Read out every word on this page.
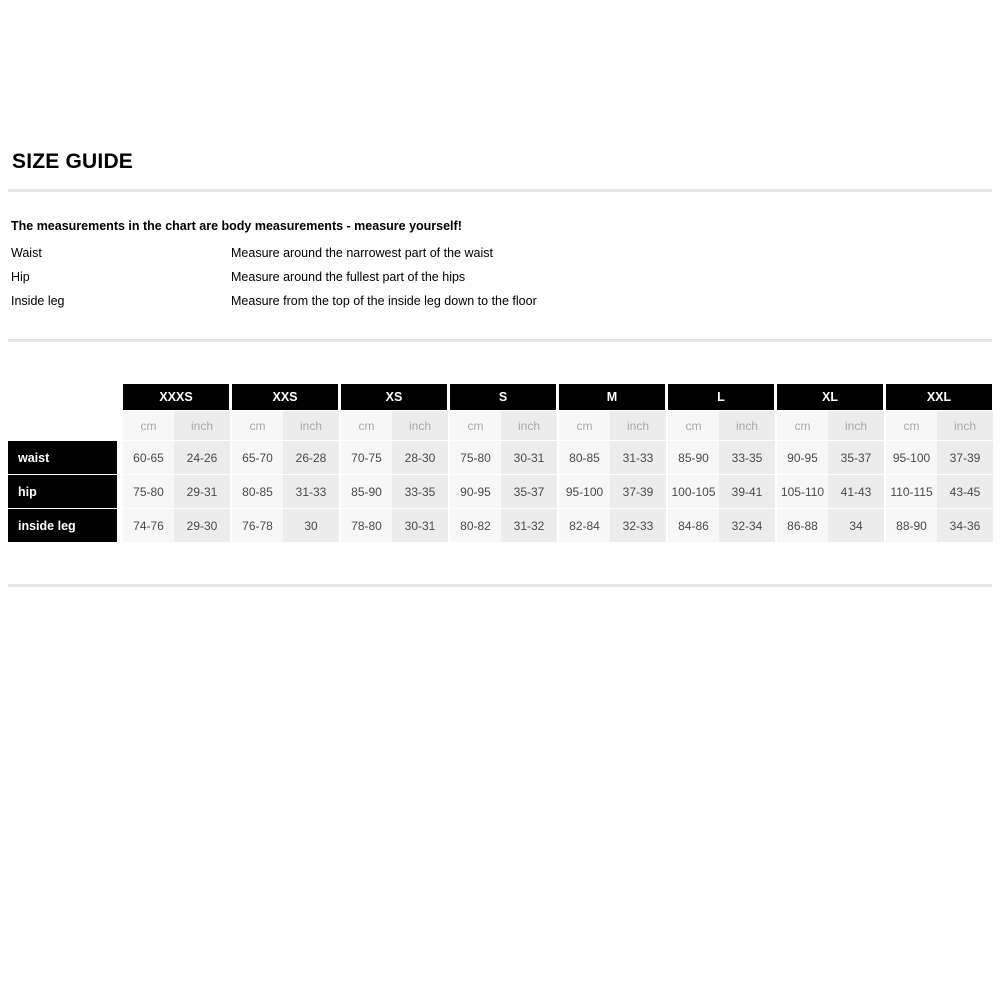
SIZE GUIDE

The measurements in the chart are body measurements - measure yourself!

Waist	Measure around the narrowest part of the waist
Hip	Measure around the fullest part of the hips
Inside leg	Measure from the top of the inside leg down to the floor
	XXXS		XXS		XS		S		M		L		XL		XXL	
	cm	inch	cm	inch	cm	inch	cm	inch	cm	inch	cm	inch	cm	inch	cm	inch
waist	60-65	24-26	65-70	26-28	70-75	28-30	75-80	30-31	80-85	31-33	85-90	33-35	90-95	35-37	95-100	37-39
hip	75-80	29-31	80-85	31-33	85-90	33-35	90-95	35-37	95-100	37-39	100-105	39-41	105-110	41-43	110-115	43-45
inside leg	74-76	29-30	76-78	30	78-80	30-31	80-82	31-32	82-84	32-33	84-86	32-34	86-88	34	88-90	34-36
